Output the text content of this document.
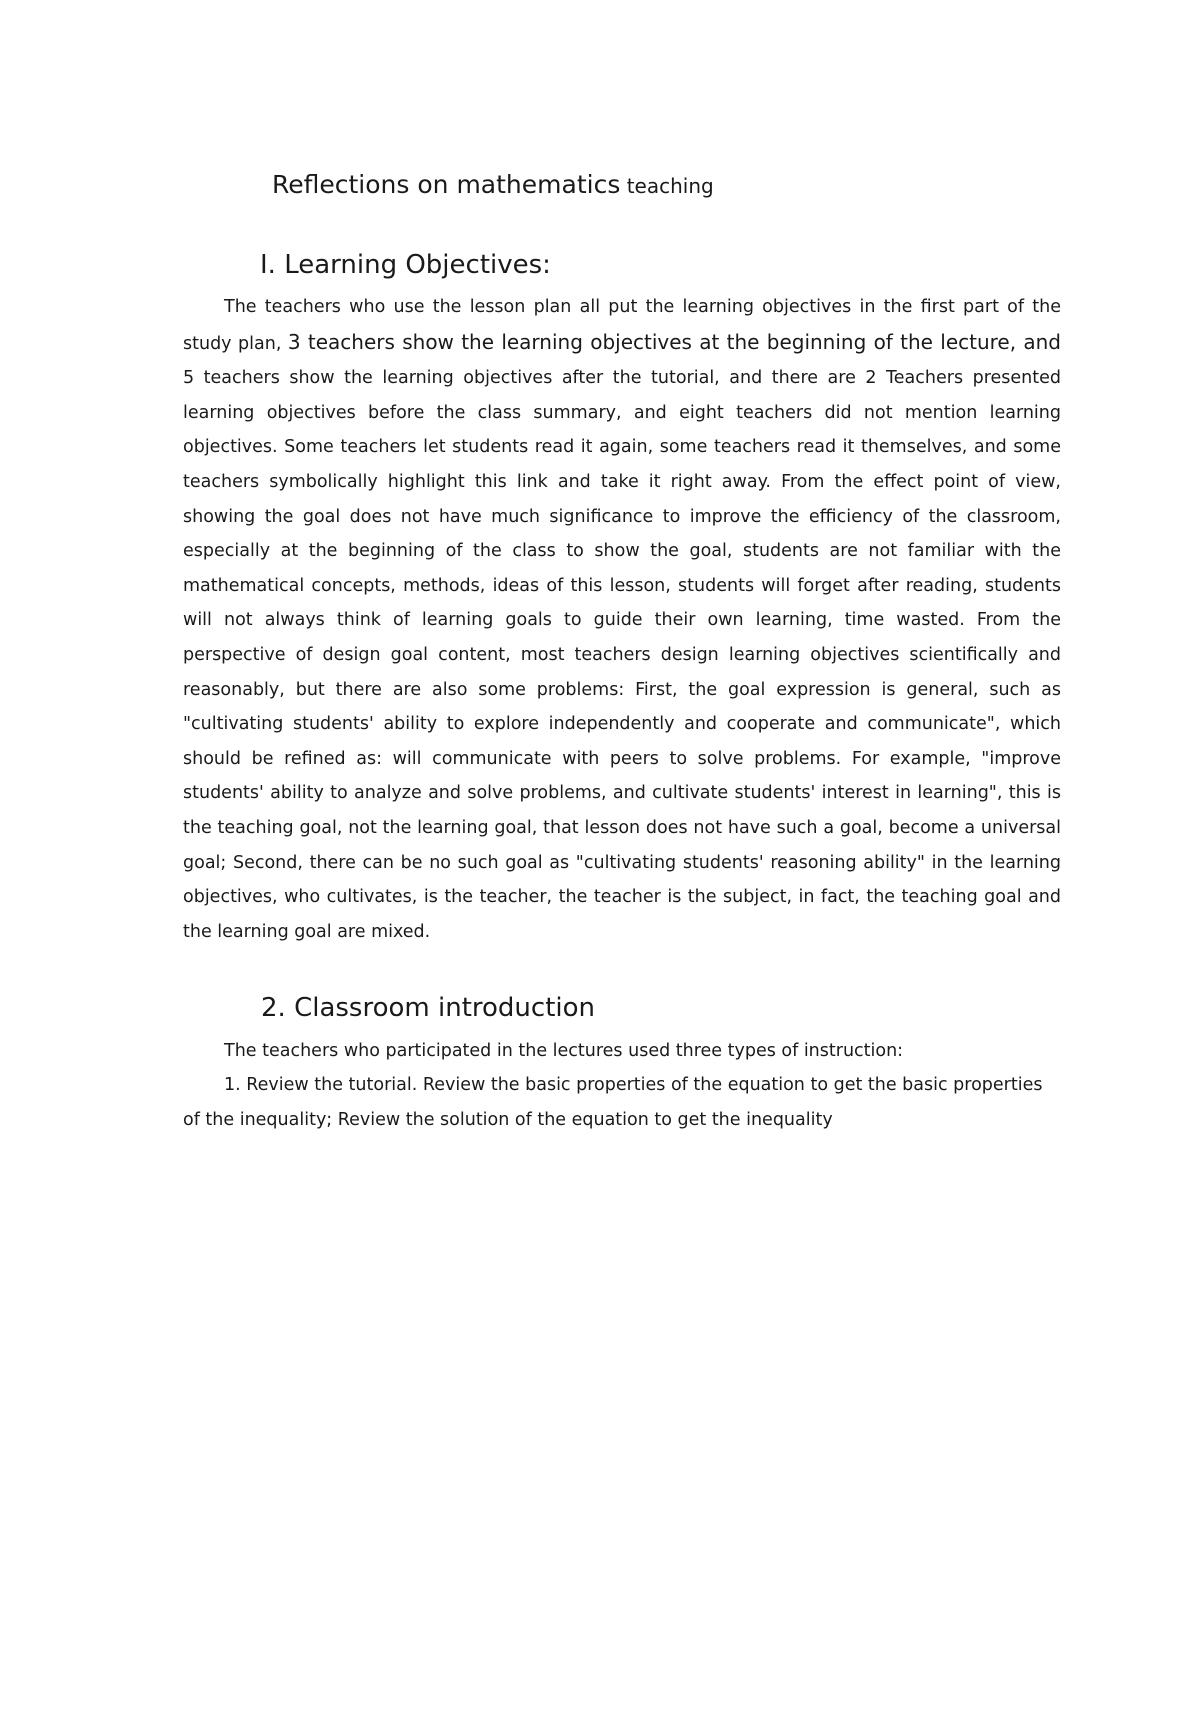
Reflections on mathematics teaching
I. Learning Objectives:

The teachers who use the lesson plan all put the learning objectives in the first part of the study plan, 3 teachers show the learning objectives at the beginning of the lecture, and 5 teachers show the learning objectives after the tutorial, and there are 2 Teachers presented learning objectives before the class summary, and eight teachers did not mention learning objectives. Some teachers let students read it again, some teachers read it themselves, and some teachers symbolically highlight this link and take it right away. From the effect point of view, showing the goal does not have much significance to improve the efficiency of the classroom, especially at the beginning of the class to show the goal, students are not familiar with the mathematical concepts, methods, ideas of this lesson, students will forget after reading, students will not always think of learning goals to guide their own learning, time wasted. From the perspective of design goal content, most teachers design learning objectives scientifically and reasonably, but there are also some problems: First, the goal expression is general, such as "cultivating students' ability to explore independently and cooperate and communicate", which should be refined as: will communicate with peers to solve problems. For example, "improve students' ability to analyze and solve problems, and cultivate students' interest in learning", this is the teaching goal, not the learning goal, that lesson does not have such a goal, become a universal goal; Second, there can be no such goal as "cultivating students' reasoning ability" in the learning objectives, who cultivates, is the teacher, the teacher is the subject, in fact, the teaching goal and the learning goal are mixed.

2. Classroom introduction

The teachers who participated in the lectures used three types of instruction:

1. Review the tutorial. Review the basic properties of the equation to get the basic properties of the inequality; Review the solution of the equation to get the inequality
